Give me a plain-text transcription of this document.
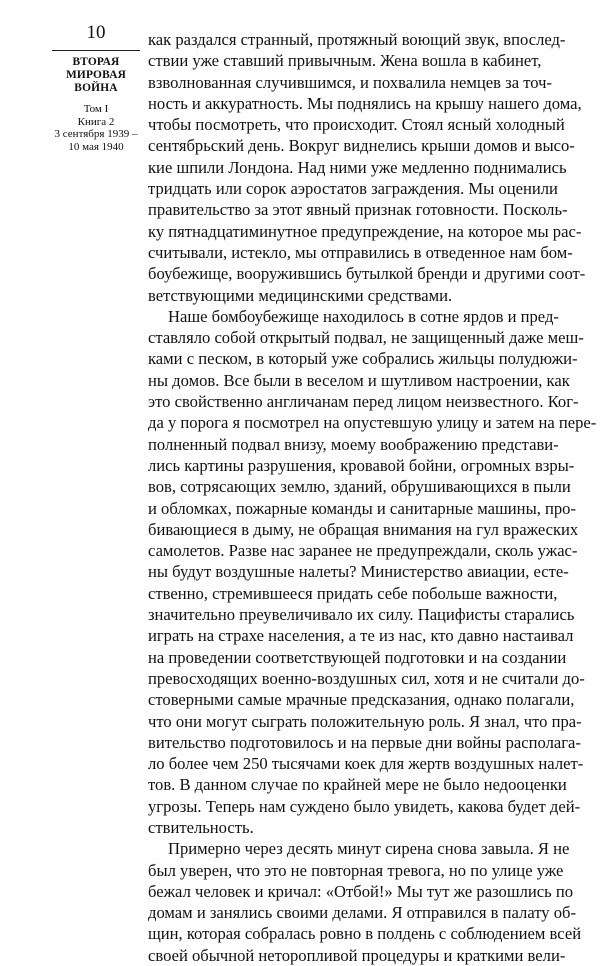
10
ВТОРАЯ
МИРОВАЯ
ВОЙНА
Том I
Книга 2
3 сентября 1939 –
10 мая 1940
как раздался странный, протяжный воющий звук, впослед-
ствии уже ставший привычным. Жена вошла в кабинет,
взволнованная случившимся, и похвалила немцев за точ-
ность и аккуратность. Мы поднялись на крышу нашего дома,
чтобы посмотреть, что происходит. Стоял ясный холодный
сентябрьский день. Вокруг виднелись крыши домов и высо-
кие шпили Лондона. Над ними уже медленно поднимались
тридцать или сорок аэростатов заграждения. Мы оценили
правительство за этот явный признак готовности. Посколь-
ку пятнадцатиминутное предупреждение, на которое мы рас-
считывали, истекло, мы отправились в отведенное нам бом-
боубежище, вооружившись бутылкой бренди и другими соот-
ветствующими медицинскими средствами.
Наше бомбоубежище находилось в сотне ярдов и пред-
ставляло собой открытый подвал, не защищенный даже меш-
ками с песком, в который уже собрались жильцы полудюжи-
ны домов. Все были в веселом и шутливом настроении, как
это свойственно англичанам перед лицом неизвестного. Ког-
да у порога я посмотрел на опустевшую улицу и затем на пере-
полненный подвал внизу, моему воображению представи-
лись картины разрушения, кровавой бойни, огромных взры-
вов, сотрясающих землю, зданий, обрушивающихся в пыли
и обломках, пожарные команды и санитарные машины, про-
бивающиеся в дыму, не обращая внимания на гул вражеских
самолетов. Разве нас заранее не предупреждали, сколь ужас-
ны будут воздушные налеты? Министерство авиации, есте-
ственно, стремившееся придать себе побольше важности,
значительно преувеличивало их силу. Пацифисты старались
играть на страхе населения, а те из нас, кто давно настаивал
на проведении соответствующей подготовки и на создании
превосходящих военно-воздушных сил, хотя и не считали до-
стоверными самые мрачные предсказания, однако полагали,
что они могут сыграть положительную роль. Я знал, что пра-
вительство подготовилось и на первые дни войны располага-
ло более чем 250 тысячами коек для жертв воздушных налет-
тов. В данном случае по крайней мере не было недооценки
угрозы. Теперь нам суждено было увидеть, какова будет дей-
ствительность.
Примерно через десять минут сирена снова завыла. Я не
был уверен, что это не повторная тревога, но по улице уже
бежал человек и кричал: «Отбой!» Мы тут же разошлись по
домам и занялись своими делами. Я отправился в палату об-
щин, которая собралась ровно в полдень с соблюдением всей
своей обычной неторопливой процедуры и краткими вели-
